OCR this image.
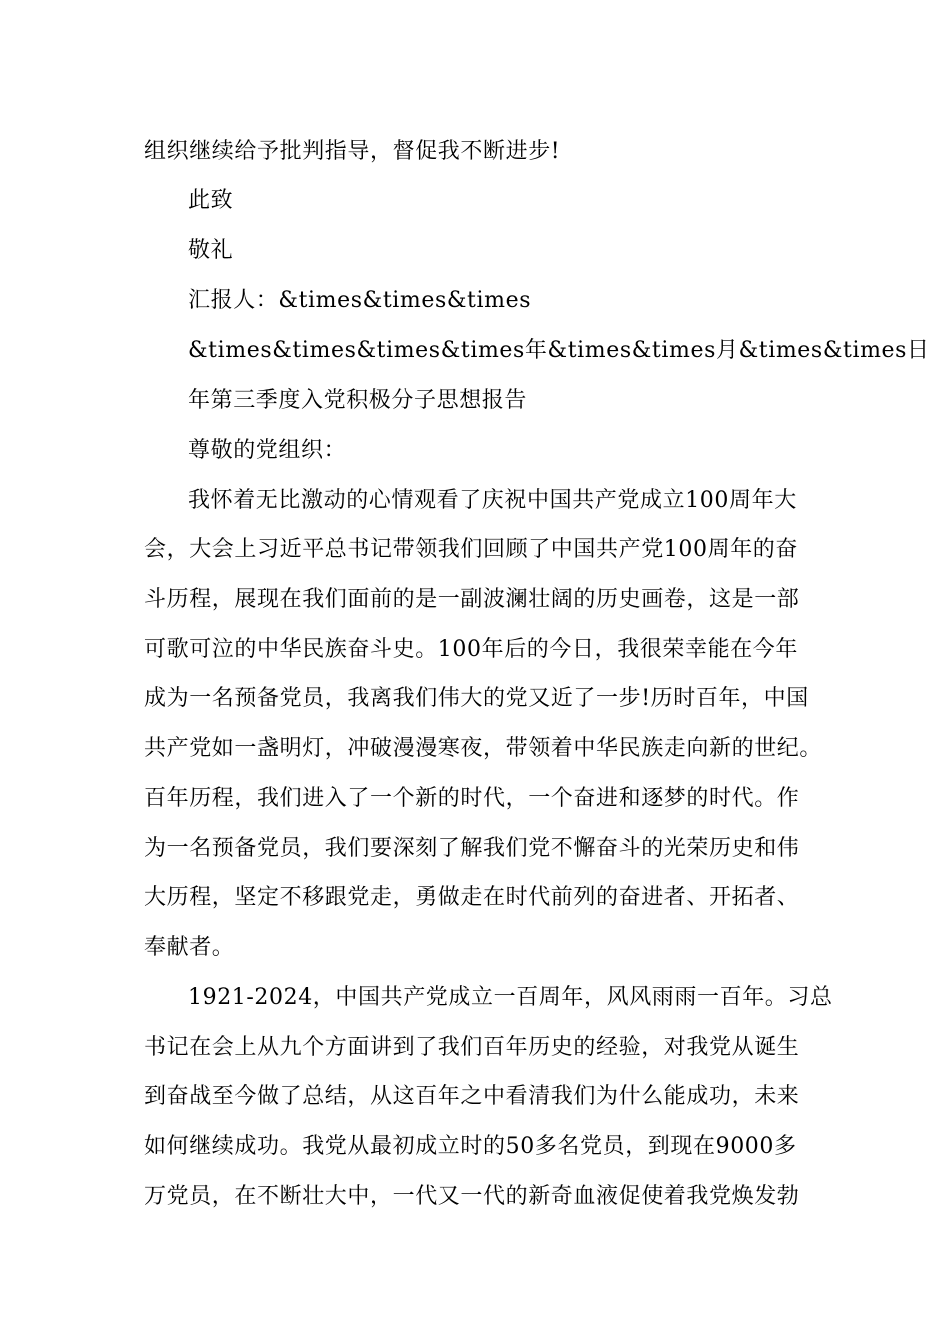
组织继续给予批判指导，督促我不断进步!
此致
敬礼
汇报人：&times&times&times
&times&times&times&times年&times&times月&times&times日
年第三季度入党积极分子思想报告
尊敬的党组织：
我怀着无比激动的心情观看了庆祝中国共产党成立100周年大
会，大会上习近平总书记带领我们回顾了中国共产党100周年的奋
斗历程，展现在我们面前的是一副波澜壮阔的历史画卷，这是一部
可歌可泣的中华民族奋斗史。100年后的今日，我很荣幸能在今年
成为一名预备党员，我离我们伟大的党又近了一步!历时百年，中国
共产党如一盏明灯，冲破漫漫寒夜，带领着中华民族走向新的世纪。
百年历程，我们进入了一个新的时代，一个奋进和逐梦的时代。作
为一名预备党员，我们要深刻了解我们党不懈奋斗的光荣历史和伟
大历程，坚定不移跟党走，勇做走在时代前列的奋进者、开拓者、
奉献者。
1921-2024，中国共产党成立一百周年，风风雨雨一百年。习总
书记在会上从九个方面讲到了我们百年历史的经验，对我党从诞生
到奋战至今做了总结，从这百年之中看清我们为什么能成功，未来
如何继续成功。我党从最初成立时的50多名党员，到现在9000多
万党员，在不断壮大中，一代又一代的新奇血液促使着我党焕发勃
